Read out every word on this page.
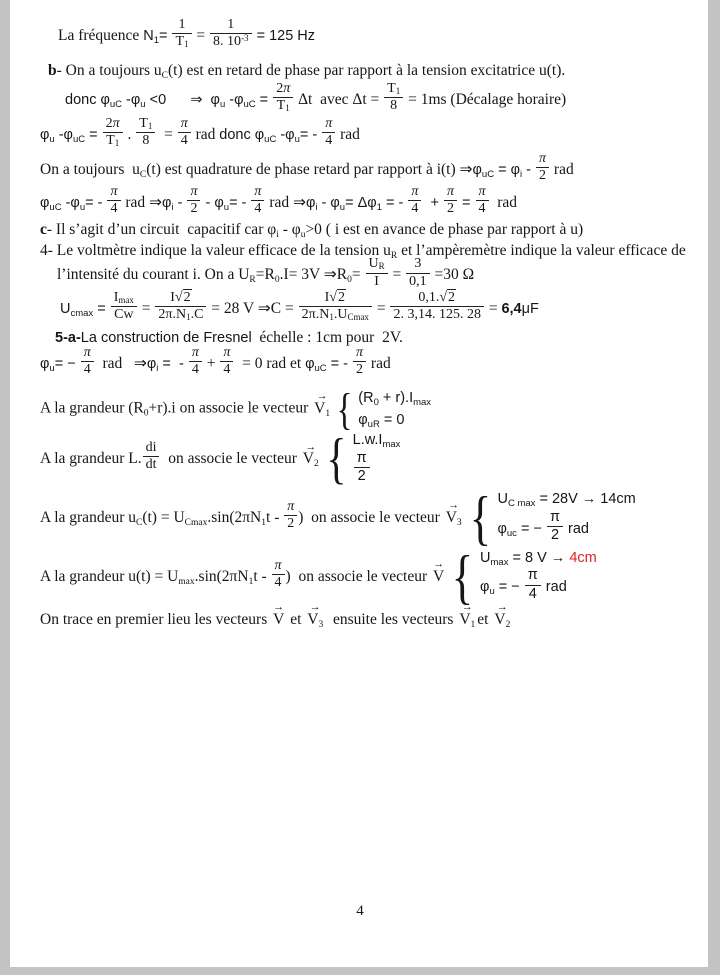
La fréquence $N_1= \frac{1}{T_1} = \frac{1}{8. 10^{-3}} = 125$ Hz
b- On a toujours $u_C(t)$ est en retard de phase par rapport à la tension excitatrice u(t).
donc $\varphi_{uC}$ $-\varphi_u <0$      ⇒  $\varphi_u$ $-\varphi_{uC} = \frac{2\pi}{T_1}$ Δt  avec $\Delta t = \frac{T_1}{8} = 1ms$ (Décalage horaire)
$\varphi_u$ $-\varphi_{uC} = \frac{2\pi}{T_1}$ . $\frac{T_1}{8} = \frac{\pi}{4}$ rad donc $\varphi_{uC}$ $-\varphi_u= - \frac{\pi}{4}$ rad
On a toujours  $u_C(t)$ est quadrature de phase retard par rapport à i(t) $\Rightarrow\varphi_{uC} = \varphi_i - \frac{\pi}{2}$ rad
$\varphi_{uC}$ $-\varphi_u= - \frac{\pi}{4}$ rad $\Rightarrow\varphi_i - \frac{\pi}{2} - \varphi_u= - \frac{\pi}{4}$ rad $\Rightarrow\varphi_i - \varphi_u= \Delta\varphi_1$ = - $\frac{\pi}{4} + \frac{\pi}{2} = \frac{\pi}{4}$ rad
c- Il s’agit d’un circuit  capacitif car $\varphi_i - \varphi_u>0$ ( i est en avance de phase par rapport à u)
4- Le voltmètre indique la valeur efficace de la tension $u_R$ et l’ampèremètre indique la valeur efficace de
l’intensité du courant i. On a $U_R=R_0.I= 3V$ $\Rightarrow R_0= \frac{U_R}{I} = \frac{3}{0,1} =30$ Ω
$U_{cmax} = \frac{I_{max}}{Cw} = \frac{I√2}{2\pi.N_1.C} = 28$ V ⇒C = $\frac{I√2}{2\pi.N_1.U_{Cmax}} = \frac{0,1.√2}{2. 3,14. 125. 28} = 6,4\mu F$
5-a-La construction de Fresnel  échelle : 1cm pour  2V.
$\varphi_u= - \frac{\pi}{4}$ rad   $\Rightarrow\varphi_i$ =  - $\frac{\pi}{4} + \frac{\pi}{4} = 0$ rad et $\varphi_{uC}$ = - $\frac{\pi}{2}$ rad
A la grandeur $(R_0+r).i$ on associe le vecteur → $V_1$ { $(R_0 + r).I_{max}$
$\varphi_{uR} = 0$
A la grandeur L. $\frac{di}{dt}$ on associe le vecteur → $V_2$ { $L.w.I_{max}$
$\frac{\pi}{2}$
A la grandeur $u_C(t) = U_{Cmax}.\sin(2\pi N_1t - \frac{\pi}{2}$ )  on associe le vecteur → $V_3$ { $U_{C max} = 28V \to 14cm$
$\varphi_{uc}$ = − $\frac{\pi}{2}$ rad
A la grandeur $u(t) = U_{max}.\sin(2\pi N_1t - \frac{\pi}{4}$ )  on associe le vecteur → V { $U_{max} = 8$ V → 4cm
$\varphi_u$ = − $\frac{\pi}{4}$ rad
On trace en premier lieu les vecteurs → V et → $V_3$  ensuite les vecteurs → $V_1$ et → $V_2$
4
